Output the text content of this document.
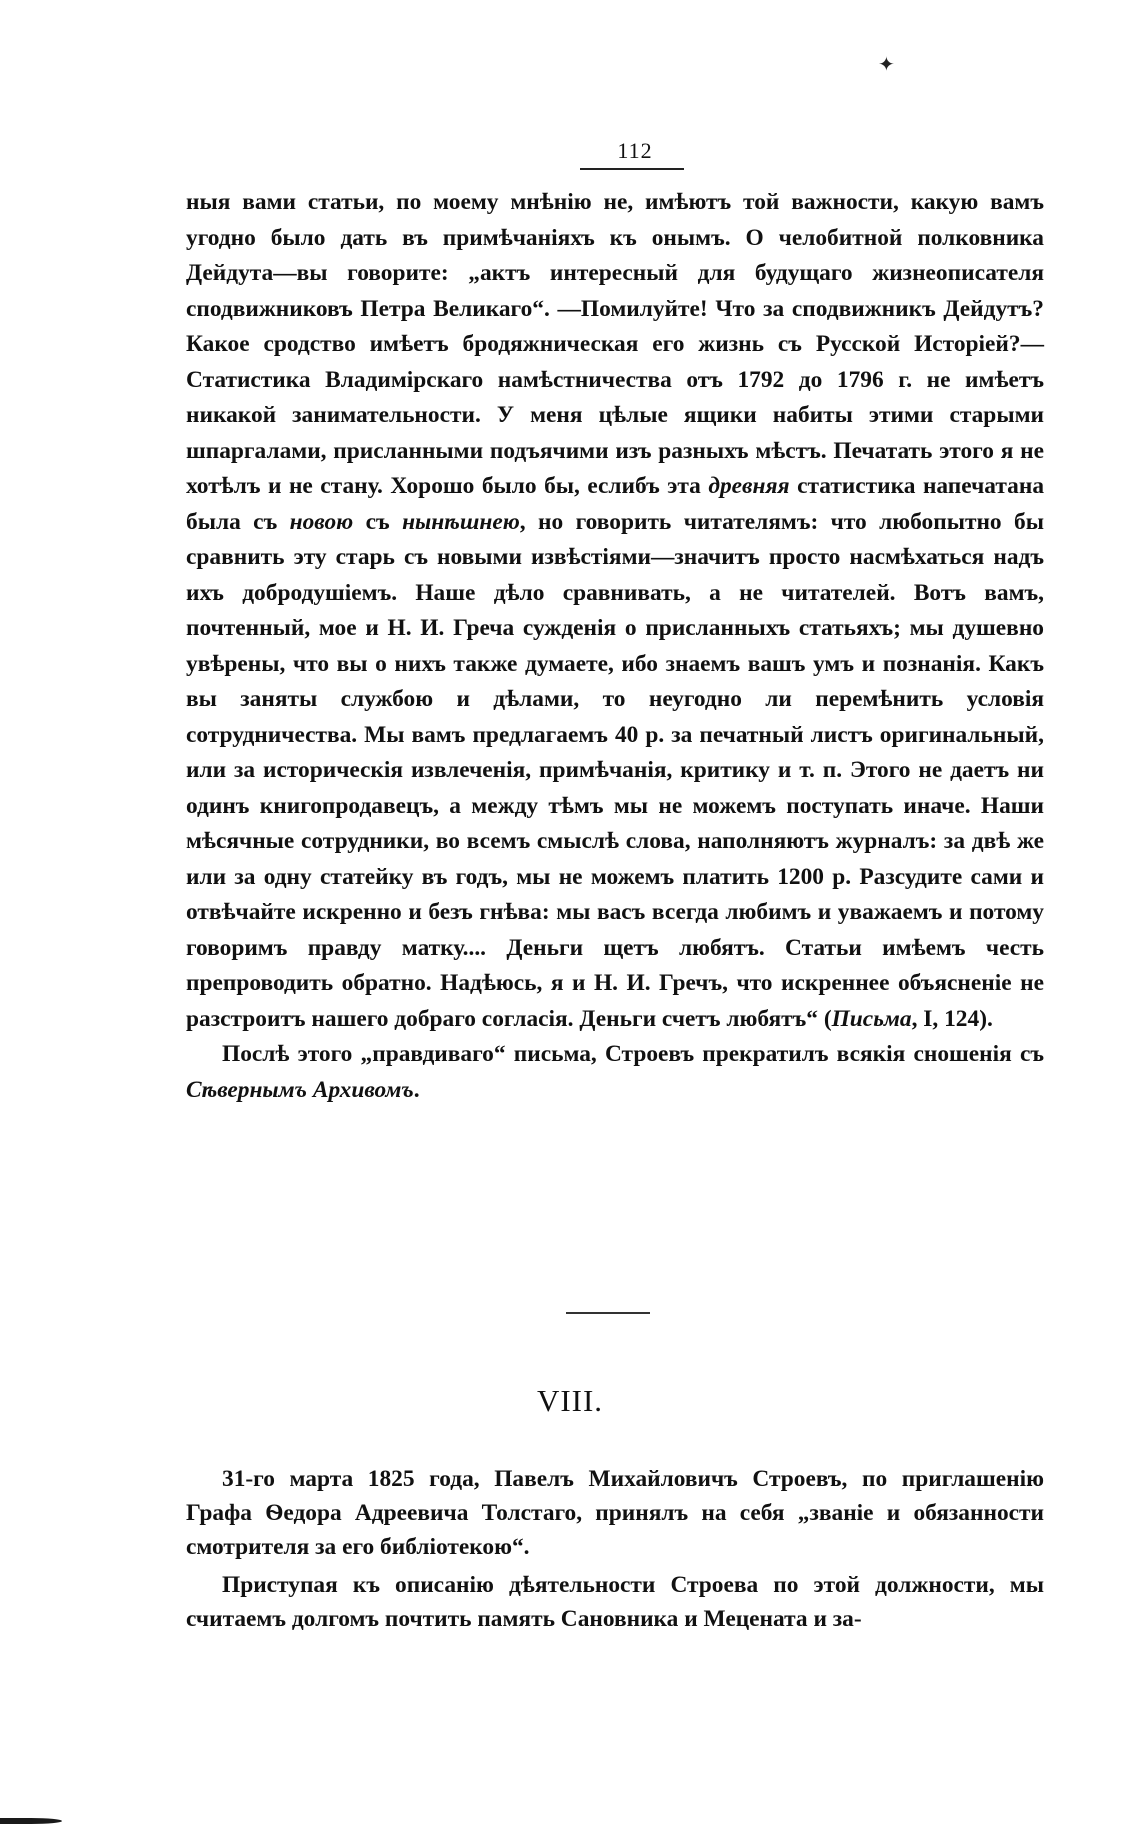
✦
112

ныя вами статьи, по моему мнѣнію не, имѣютъ той важности, какую вамъ угодно было дать въ примѣчаніяхъ къ онымъ. О челобитной полковника Дейдута—вы говорите: „актъ интересный для будущаго жизнеописателя сподвижниковъ Петра Великаго“. —Помилуйте! Что за сподвижникъ Дейдутъ? Какое сродство имѣетъ бродяжническая его жизнь съ Русской Исторіей?—Статистика Владимірскаго намѣстничества отъ 1792 до 1796 г. не имѣетъ никакой занимательности. У меня цѣлые ящики набиты этими старыми шпаргалами, присланными подъячими изъ разныхъ мѣстъ. Печатать этого я не хотѣлъ и не стану. Хорошо было бы, еслибъ эта древняя статистика напечатана была съ новою съ нынѣшнею, но говорить читателямъ: что любопытно бы сравнить эту старь съ новыми извѣстіями—значитъ просто насмѣхаться надъ ихъ добродушіемъ. Наше дѣло сравнивать, а не читателей. Вотъ вамъ, почтенный, мое и Н. И. Греча сужденія о присланныхъ статьяхъ; мы душевно увѣрены, что вы о нихъ также думаете, ибо знаемъ вашъ умъ и познанія. Какъ вы заняты службою и дѣлами, то неугодно ли перемѣнить условія сотрудничества. Мы вамъ предлагаемъ 40 р. за печатный листъ оригинальный, или за историческія извлеченія, примѣчанія, критику и т. п. Этого не даетъ ни одинъ книгопродавецъ, а между тѣмъ мы не можемъ поступать иначе. Наши мѣсячные сотрудники, во всемъ смыслѣ слова, наполняютъ журналъ: за двѣ же или за одну статейку въ годъ, мы не можемъ платить 1200 р. Разсудите сами и отвѣчайте искренно и безъ гнѣва: мы васъ всегда любимъ и уважаемъ и потому говоримъ правду матку.... Деньги щетъ любятъ. Статьи имѣемъ честь препроводить обратно. Надѣюсь, я и Н. И. Гречъ, что искреннее объясненіе не разстроитъ нашего добраго согласія. Деньги счетъ любятъ“ (Письма, I, 124).

Послѣ этого „правдиваго“ письма, Строевъ прекратилъ всякія сношенія съ Сѣвернымъ Архивомъ.

VIII.

31-го марта 1825 года, Павелъ Михайловичъ Строевъ, по приглашенію Графа Ѳедора Адреевича Толстаго, принялъ на себя „званіе и обязанности смотрителя за его библіотекою“.

Приступая къ описанію дѣятельности Строева по этой должности, мы считаемъ долгомъ почтить память Сановника и Мецената и за-
